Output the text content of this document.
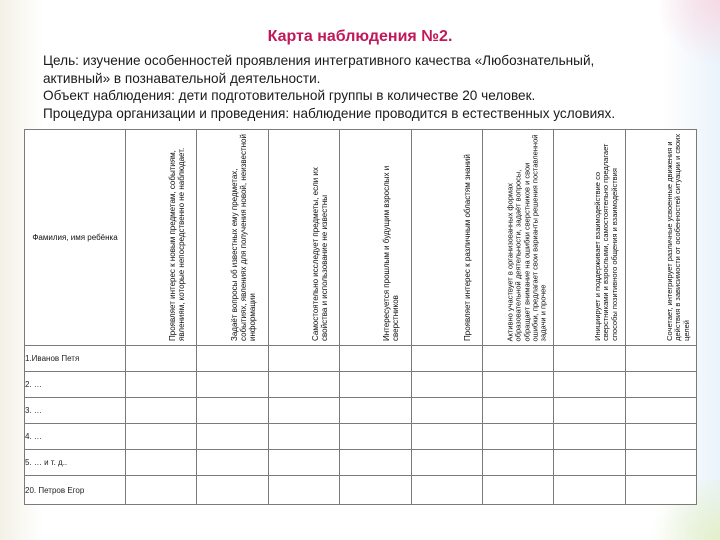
Карта наблюдения №2.

Цель: изучение особенностей проявления интегративного качества «Любознательный,

активный» в познавательной деятельности.

Объект наблюдения: дети подготовительной группы в количестве 20 человек.

Процедура организации и проведения: наблюдение проводится в естественных условиях.

Фамилия, имя ребёнка	Проявляет интерес к новым предметам, событиям, явлениям, которые непосредственно не наблюдает.	Задаёт вопросы об известных ему предметах, событиях, явлениях для получения новой, неизвестной информации	Самостоятельно исследует предметы, если их свойства и использование не известны	Интересуется прошлым и будущим взрослых и сверстников	Проявляет интерес к различным областям знаний	Активно участвует в организованных формах образовательной деятельности, задаёт вопросы, обращает внимание на ошибки сверстников и свои ошибки, предлагает свои варианты решения поставленной задачи и прочее	Инициирует и поддерживает взаимодействие со сверстниками и взрослыми, самостоятельно предлагает способы позитивного общения и взаимодействия	Сочетает, интегрирует различные усвоенные движения и действия в зависимости от особенностей ситуации и своих целей

1.Иванов Петя								
2. …								
3. …								
4. …								
5. … и т. д..								
20. Петров Егор								
